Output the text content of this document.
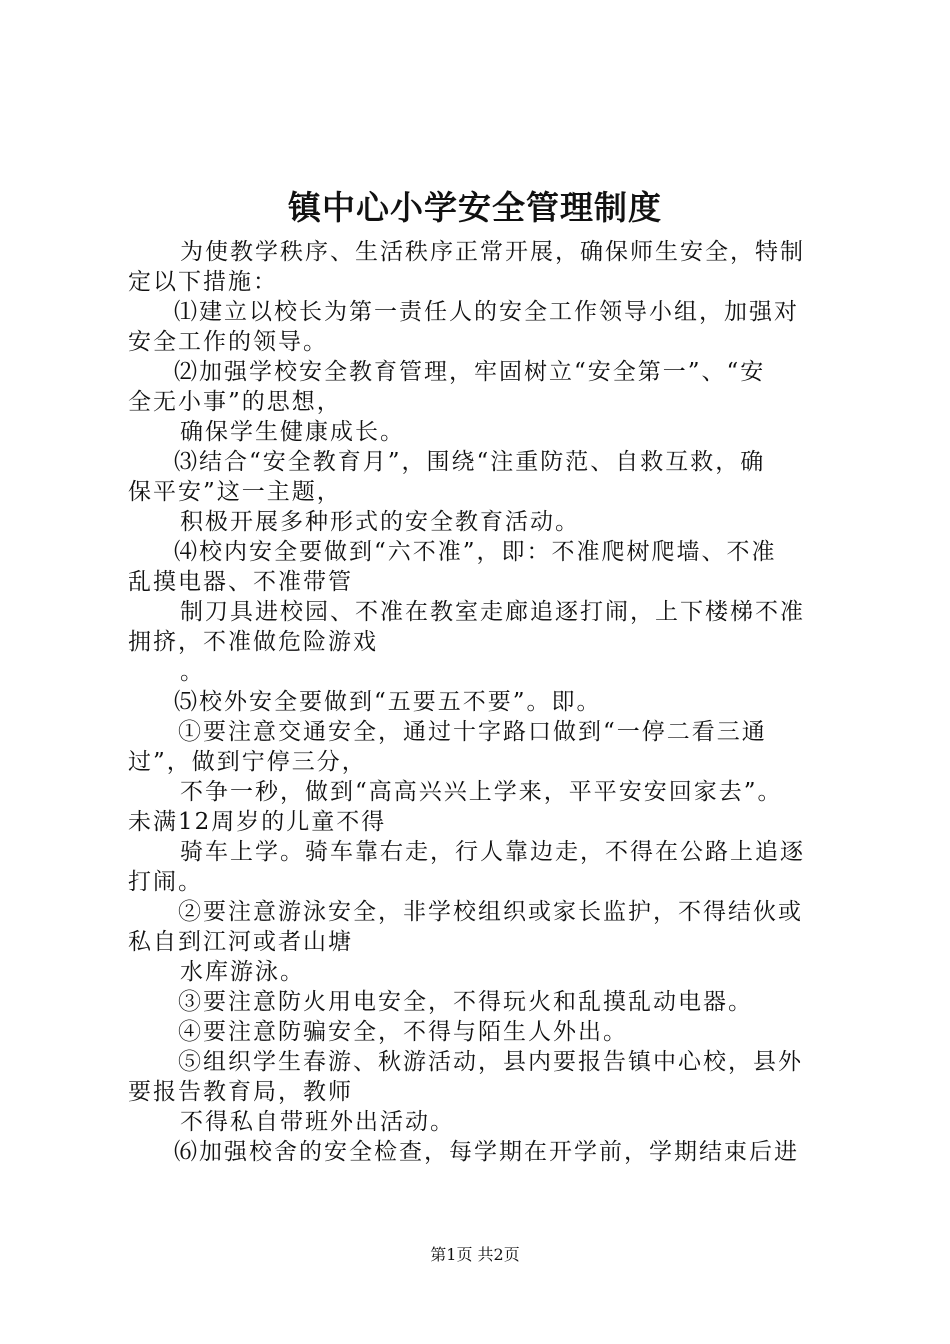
镇中心小学安全管理制度
为使教学秩序、生活秩序正常开展，确保师生安全，特制
定以下措施：
⑴建立以校长为第一责任人的安全工作领导小组，加强对
安全工作的领导。
⑵加强学校安全教育管理，牢固树立“安全第一”、“安
全无小事”的思想，
确保学生健康成长。
⑶结合“安全教育月”，围绕“注重防范、自救互救，确
保平安”这一主题，
积极开展多种形式的安全教育活动。
⑷校内安全要做到“六不准”，即：不准爬树爬墙、不准
乱摸电器、不准带管
制刀具进校园、不准在教室走廊追逐打闹，上下楼梯不准
拥挤，不准做危险游戏
。
⑸校外安全要做到“五要五不要”。即。
①要注意交通安全，通过十字路口做到“一停二看三通
过”，做到宁停三分，
不争一秒，做到“高高兴兴上学来，平平安安回家去”。
未满12周岁的儿童不得
骑车上学。骑车靠右走，行人靠边走，不得在公路上追逐
打闹。
②要注意游泳安全，非学校组织或家长监护，不得结伙或
私自到江河或者山塘
水库游泳。
③要注意防火用电安全，不得玩火和乱摸乱动电器。
④要注意防骗安全，不得与陌生人外出。
⑤组织学生春游、秋游活动，县内要报告镇中心校，县外
要报告教育局，教师
不得私自带班外出活动。
⑹加强校舍的安全检查，每学期在开学前，学期结束后进
第1页 共2页
